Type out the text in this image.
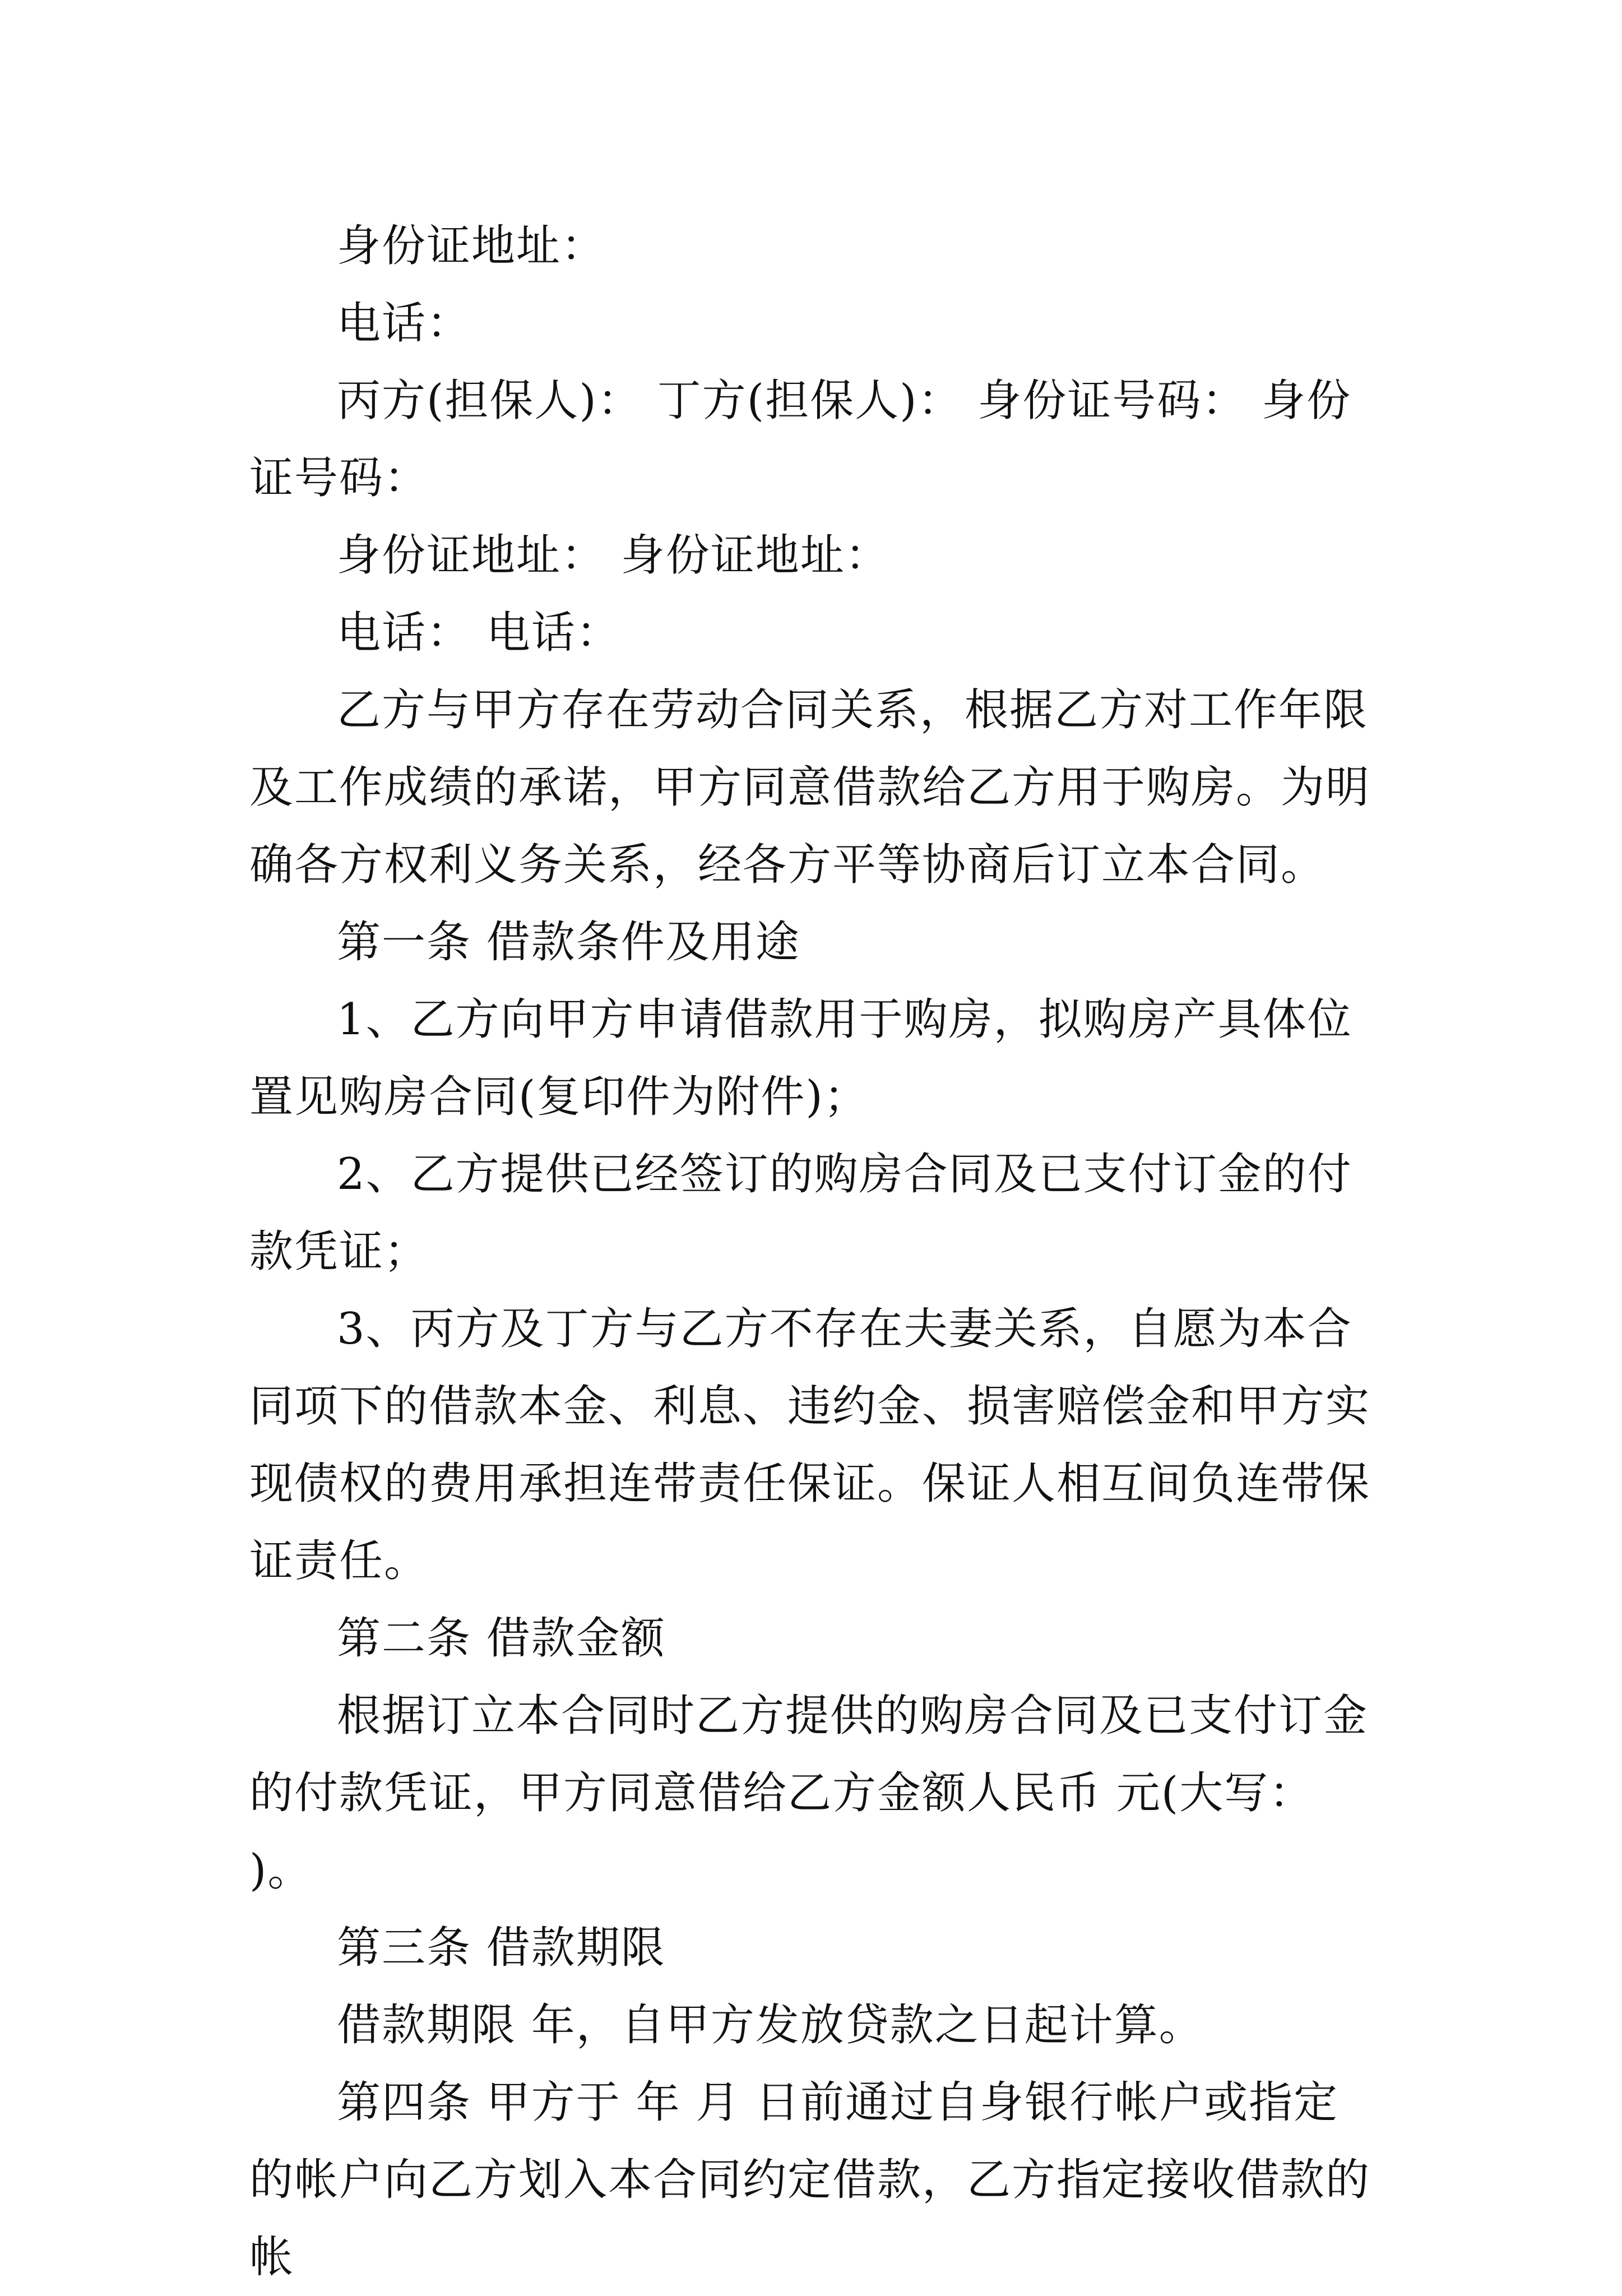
身份证地址：

电话：

丙方(担保人)： 丁方(担保人)： 身份证号码： 身份证号码：

身份证地址： 身份证地址：

电话： 电话：

乙方与甲方存在劳动合同关系，根据乙方对工作年限及工作成绩的承诺，甲方同意借款给乙方用于购房。为明确各方权利义务关系，经各方平等协商后订立本合同。

第一条 借款条件及用途

1、乙方向甲方申请借款用于购房，拟购房产具体位置见购房合同(复印件为附件)；

2、乙方提供已经签订的购房合同及已支付订金的付款凭证；

3、丙方及丁方与乙方不存在夫妻关系，自愿为本合同项下的借款本金、利息、违约金、损害赔偿金和甲方实现债权的费用承担连带责任保证。保证人相互间负连带保证责任。

第二条 借款金额

根据订立本合同时乙方提供的购房合同及已支付订金的付款凭证，甲方同意借给乙方金额人民币 元(大写： )。

第三条 借款期限

借款期限 年，自甲方发放贷款之日起计算。

第四条 甲方于 年 月 日前通过自身银行帐户或指定的帐户向乙方划入本合同约定借款，乙方指定接收借款的帐
